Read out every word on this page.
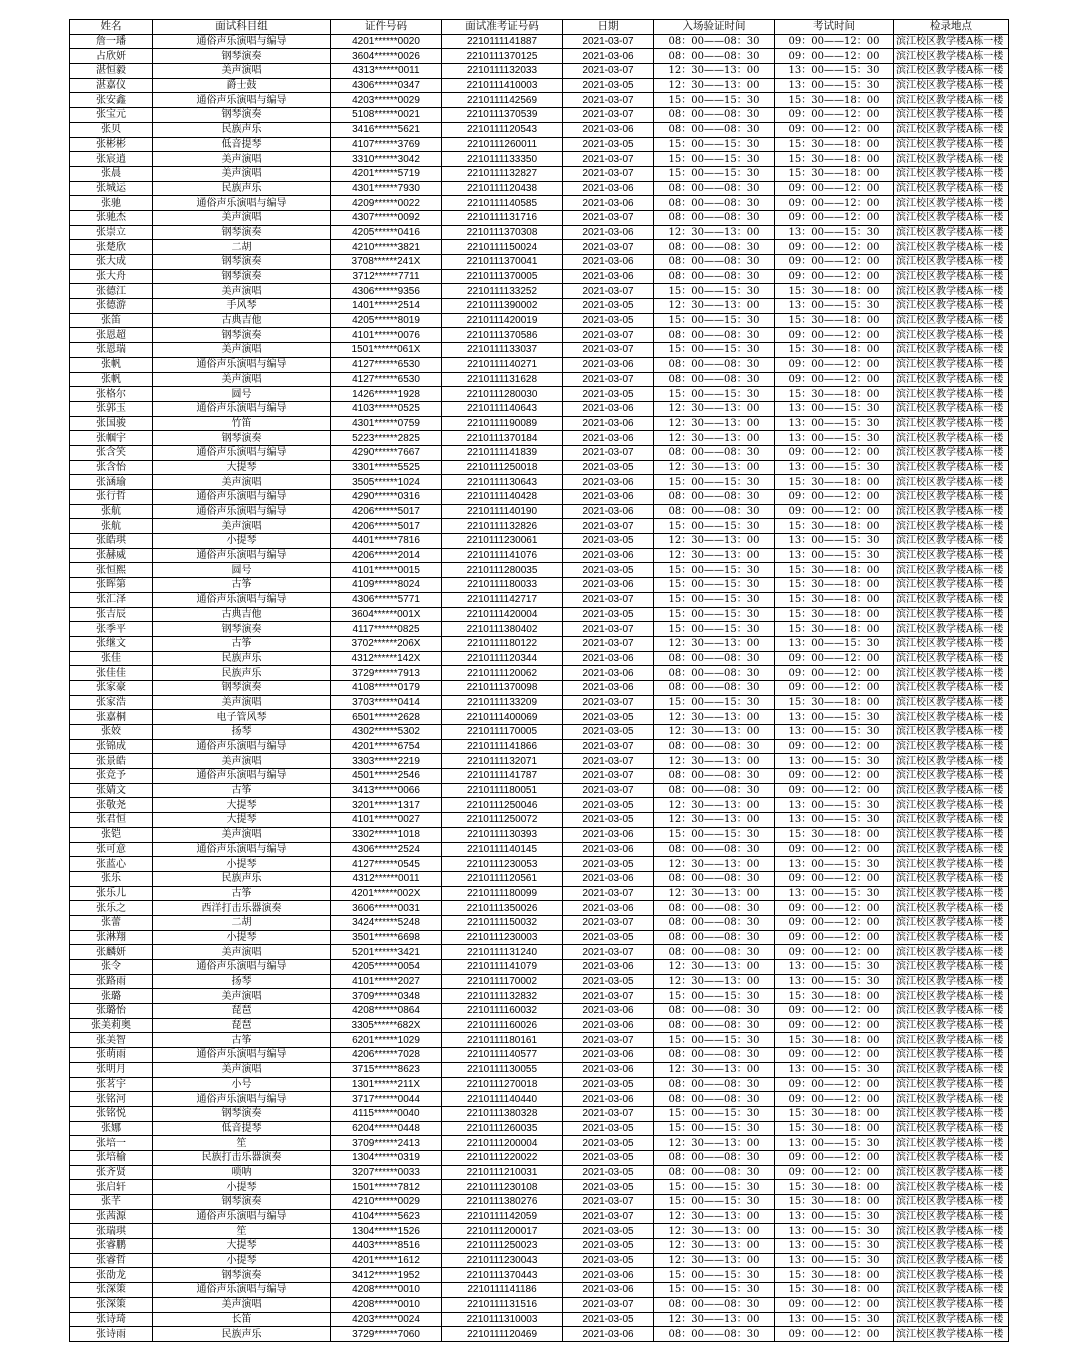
姓名	面试科目组	证件号码	面试准考证号码	日期	入场验证时间	考试时间	检录地点
詹一璠	通俗声乐演唱与编导	4201******0020	2210111141887	2021-03-07	08：00——08：30	09：00——12：00	滨江校区教学楼A栋一楼
占欣妍	钢琴演奏	3604******0026	2210111370125	2021-03-06	08：00——08：30	09：00——12：00	滨江校区教学楼A栋一楼
湛恒毅	美声演唱	4313******0011	2210111132033	2021-03-07	12：30——13：00	13：00——15：30	滨江校区教学楼A栋一楼
湛嘉仪	爵士鼓	4306******0347	2210111410003	2021-03-05	12：30——13：00	13：00——15：30	滨江校区教学楼A栋一楼
张安鑫	通俗声乐演唱与编导	4203******0029	2210111142569	2021-03-07	15：00——15：30	15：30——18：00	滨江校区教学楼A栋一楼
张宝元	钢琴演奏	5108******0021	2210111370539	2021-03-07	08：00——08：30	09：00——12：00	滨江校区教学楼A栋一楼
张贝	民族声乐	3416******5621	2210111120543	2021-03-06	08：00——08：30	09：00——12：00	滨江校区教学楼A栋一楼
张彬彬	低音提琴	4107******3769	2210111260011	2021-03-05	15：00——15：30	15：30——18：00	滨江校区教学楼A栋一楼
张宸逍	美声演唱	3310******3042	2210111133350	2021-03-07	15：00——15：30	15：30——18：00	滨江校区教学楼A栋一楼
张晨	美声演唱	4201******5719	2210111132827	2021-03-07	15：00——15：30	15：30——18：00	滨江校区教学楼A栋一楼
张城运	民族声乐	4301******7930	2210111120438	2021-03-06	08：00——08：30	09：00——12：00	滨江校区教学楼A栋一楼
张驰	通俗声乐演唱与编导	4209******0022	2210111140585	2021-03-06	08：00——08：30	09：00——12：00	滨江校区教学楼A栋一楼
张驰杰	美声演唱	4307******0092	2210111131716	2021-03-07	08：00——08：30	09：00——12：00	滨江校区教学楼A栋一楼
张崇立	钢琴演奏	4205******0416	2210111370308	2021-03-06	12：30——13：00	13：00——15：30	滨江校区教学楼A栋一楼
张楚欣	二胡	4210******3821	2210111150024	2021-03-07	08：00——08：30	09：00——12：00	滨江校区教学楼A栋一楼
张大成	钢琴演奏	3708******241X	2210111370041	2021-03-06	08：00——08：30	09：00——12：00	滨江校区教学楼A栋一楼
张大舟	钢琴演奏	3712******7711	2210111370005	2021-03-06	08：00——08：30	09：00——12：00	滨江校区教学楼A栋一楼
张德江	美声演唱	4306******9356	2210111133252	2021-03-07	15：00——15：30	15：30——18：00	滨江校区教学楼A栋一楼
张德游	手风琴	1401******2514	2210111390002	2021-03-05	12：30——13：00	13：00——15：30	滨江校区教学楼A栋一楼
张笛	古典吉他	4205******8019	2210111420019	2021-03-05	15：00——15：30	15：30——18：00	滨江校区教学楼A栋一楼
张恩超	钢琴演奏	4101******0076	2210111370586	2021-03-07	08：00——08：30	09：00——12：00	滨江校区教学楼A栋一楼
张恩瑞	美声演唱	1501******061X	2210111133037	2021-03-07	15：00——15：30	15：30——18：00	滨江校区教学楼A栋一楼
张帆	通俗声乐演唱与编导	4127******6530	2210111140271	2021-03-06	08：00——08：30	09：00——12：00	滨江校区教学楼A栋一楼
张帆	美声演唱	4127******6530	2210111131628	2021-03-07	08：00——08：30	09：00——12：00	滨江校区教学楼A栋一楼
张格尔	圆号	1426******1928	2210111280030	2021-03-05	15：00——15：30	15：30——18：00	滨江校区教学楼A栋一楼
张郭玉	通俗声乐演唱与编导	4103******0525	2210111140643	2021-03-06	12：30——13：00	13：00——15：30	滨江校区教学楼A栋一楼
张国骏	竹笛	4301******0759	2210111190089	2021-03-06	12：30——13：00	13：00——15：30	滨江校区教学楼A栋一楼
张帼宇	钢琴演奏	5223******2825	2210111370184	2021-03-06	12：30——13：00	13：00——15：30	滨江校区教学楼A栋一楼
张含笑	通俗声乐演唱与编导	4290******7667	2210111141839	2021-03-07	08：00——08：30	09：00——12：00	滨江校区教学楼A栋一楼
张含怡	大提琴	3301******5525	2210111250018	2021-03-05	12：30——13：00	13：00——15：30	滨江校区教学楼A栋一楼
张涵瑜	美声演唱	3505******1024	2210111130643	2021-03-06	15：00——15：30	15：30——18：00	滨江校区教学楼A栋一楼
张行哲	通俗声乐演唱与编导	4290******0316	2210111140428	2021-03-06	08：00——08：30	09：00——12：00	滨江校区教学楼A栋一楼
张航	通俗声乐演唱与编导	4206******5017	2210111140190	2021-03-06	08：00——08：30	09：00——12：00	滨江校区教学楼A栋一楼
张航	美声演唱	4206******5017	2210111132826	2021-03-07	15：00——15：30	15：30——18：00	滨江校区教学楼A栋一楼
张皓琪	小提琴	4401******7816	2210111230061	2021-03-05	12：30——13：00	13：00——15：30	滨江校区教学楼A栋一楼
张赫威	通俗声乐演唱与编导	4206******2014	2210111141076	2021-03-06	12：30——13：00	13：00——15：30	滨江校区教学楼A栋一楼
张恒熙	圆号	4101******0015	2210111280035	2021-03-05	15：00——15：30	15：30——18：00	滨江校区教学楼A栋一楼
张晖第	古筝	4109******8024	2210111180033	2021-03-06	15：00——15：30	15：30——18：00	滨江校区教学楼A栋一楼
张汇泽	通俗声乐演唱与编导	4306******5771	2210111142717	2021-03-07	15：00——15：30	15：30——18：00	滨江校区教学楼A栋一楼
张吉辰	古典吉他	3604******001X	2210111420004	2021-03-05	15：00——15：30	15：30——18：00	滨江校区教学楼A栋一楼
张季平	钢琴演奏	4117******0825	2210111380402	2021-03-07	15：00——15：30	15：30——18：00	滨江校区教学楼A栋一楼
张继文	古筝	3702******206X	2210111180122	2021-03-07	12：30——13：00	13：00——15：30	滨江校区教学楼A栋一楼
张佳	民族声乐	4312******142X	2210111120344	2021-03-06	08：00——08：30	09：00——12：00	滨江校区教学楼A栋一楼
张佳佳	民族声乐	3729******7913	2210111120062	2021-03-06	08：00——08：30	09：00——12：00	滨江校区教学楼A栋一楼
张家豪	钢琴演奏	4108******0179	2210111370098	2021-03-06	08：00——08：30	09：00——12：00	滨江校区教学楼A栋一楼
张家浩	美声演唱	3703******0414	2210111133209	2021-03-07	15：00——15：30	15：30——18：00	滨江校区教学楼A栋一楼
张嘉桐	电子管风琴	6501******2628	2210111400069	2021-03-05	12：30——13：00	13：00——15：30	滨江校区教学楼A栋一楼
张姣	扬琴	4302******5302	2210111170005	2021-03-05	12：30——13：00	13：00——15：30	滨江校区教学楼A栋一楼
张锦成	通俗声乐演唱与编导	4201******6754	2210111141866	2021-03-07	08：00——08：30	09：00——12：00	滨江校区教学楼A栋一楼
张景皓	美声演唱	3303******2219	2210111132071	2021-03-07	12：30——13：00	13：00——15：30	滨江校区教学楼A栋一楼
张竞予	通俗声乐演唱与编导	4501******2546	2210111141787	2021-03-07	08：00——08：30	09：00——12：00	滨江校区教学楼A栋一楼
张婧文	古筝	3413******0066	2210111180051	2021-03-07	08：00——08：30	09：00——12：00	滨江校区教学楼A栋一楼
张敬尧	大提琴	3201******1317	2210111250046	2021-03-05	12：30——13：00	13：00——15：30	滨江校区教学楼A栋一楼
张君恒	大提琴	4101******0027	2210111250072	2021-03-05	12：30——13：00	13：00——15：30	滨江校区教学楼A栋一楼
张铠	美声演唱	3302******1018	2210111130393	2021-03-06	15：00——15：30	15：30——18：00	滨江校区教学楼A栋一楼
张可意	通俗声乐演唱与编导	4306******2524	2210111140145	2021-03-06	08：00——08：30	09：00——12：00	滨江校区教学楼A栋一楼
张蓝心	小提琴	4127******0545	2210111230053	2021-03-05	12：30——13：00	13：00——15：30	滨江校区教学楼A栋一楼
张乐	民族声乐	4312******0011	2210111120561	2021-03-06	08：00——08：30	09：00——12：00	滨江校区教学楼A栋一楼
张乐儿	古筝	4201******002X	2210111180099	2021-03-07	12：30——13：00	13：00——15：30	滨江校区教学楼A栋一楼
张乐之	西洋打击乐器演奏	3606******0031	2210111350026	2021-03-06	08：00——08：30	09：00——12：00	滨江校区教学楼A栋一楼
张蕾	二胡	3424******5248	2210111150032	2021-03-07	08：00——08：30	09：00——12：00	滨江校区教学楼A栋一楼
张淋翔	小提琴	3501******6698	2210111230003	2021-03-05	08：00——08：30	09：00——12：00	滨江校区教学楼A栋一楼
张麟妍	美声演唱	5201******3421	2210111131240	2021-03-07	08：00——08：30	09：00——12：00	滨江校区教学楼A栋一楼
张令	通俗声乐演唱与编导	4205******0054	2210111141079	2021-03-06	12：30——13：00	13：00——15：30	滨江校区教学楼A栋一楼
张路雨	扬琴	4101******2027	2210111170002	2021-03-05	12：30——13：00	13：00——15：30	滨江校区教学楼A栋一楼
张璐	美声演唱	3709******0348	2210111132832	2021-03-07	15：00——15：30	15：30——18：00	滨江校区教学楼A栋一楼
张璐怡	琵琶	4208******0864	2210111160032	2021-03-06	08：00——08：30	09：00——12：00	滨江校区教学楼A栋一楼
张美莉奥	琵琶	3305******682X	2210111160026	2021-03-06	08：00——08：30	09：00——12：00	滨江校区教学楼A栋一楼
张美智	古筝	6201******1029	2210111180161	2021-03-07	15：00——15：30	15：30——18：00	滨江校区教学楼A栋一楼
张萌雨	通俗声乐演唱与编导	4206******7028	2210111140577	2021-03-06	08：00——08：30	09：00——12：00	滨江校区教学楼A栋一楼
张明月	美声演唱	3715******8623	2210111130055	2021-03-06	12：30——13：00	13：00——15：30	滨江校区教学楼A栋一楼
张茗宇	小号	1301******211X	2210111270018	2021-03-05	08：00——08：30	09：00——12：00	滨江校区教学楼A栋一楼
张铭河	通俗声乐演唱与编导	3717******0044	2210111140440	2021-03-06	08：00——08：30	09：00——12：00	滨江校区教学楼A栋一楼
张铭悦	钢琴演奏	4115******0040	2210111380328	2021-03-07	15：00——15：30	15：30——18：00	滨江校区教学楼A栋一楼
张娜	低音提琴	6204******0448	2210111260035	2021-03-05	15：00——15：30	15：30——18：00	滨江校区教学楼A栋一楼
张培一	笙	3709******2413	2210111200004	2021-03-05	12：30——13：00	13：00——15：30	滨江校区教学楼A栋一楼
张培榆	民族打击乐器演奏	1304******0319	2210111220022	2021-03-05	08：00——08：30	09：00——12：00	滨江校区教学楼A栋一楼
张齐贤	唢呐	3207******0033	2210111210031	2021-03-05	08：00——08：30	09：00——12：00	滨江校区教学楼A栋一楼
张启轩	小提琴	1501******7812	2210111230108	2021-03-05	15：00——15：30	15：30——18：00	滨江校区教学楼A栋一楼
张芊	钢琴演奏	4210******0029	2210111380276	2021-03-07	15：00——15：30	15：30——18：00	滨江校区教学楼A栋一楼
张茜源	通俗声乐演唱与编导	4104******5623	2210111142059	2021-03-07	12：30——13：00	13：00——15：30	滨江校区教学楼A栋一楼
张瑞琪	笙	1304******1526	2210111200017	2021-03-05	12：30——13：00	13：00——15：30	滨江校区教学楼A栋一楼
张睿鹏	大提琴	4403******8516	2210111250023	2021-03-05	12：30——13：00	13：00——15：30	滨江校区教学楼A栋一楼
张睿哲	小提琴	4201******1612	2210111230043	2021-03-05	12：30——13：00	13：00——15：30	滨江校区教学楼A栋一楼
张劭龙	钢琴演奏	3412******1952	2210111370443	2021-03-06	15：00——15：30	15：30——18：00	滨江校区教学楼A栋一楼
张深策	通俗声乐演唱与编导	4208******0010	2210111141186	2021-03-06	15：00——15：30	15：30——18：00	滨江校区教学楼A栋一楼
张深策	美声演唱	4208******0010	2210111131516	2021-03-07	08：00——08：30	09：00——12：00	滨江校区教学楼A栋一楼
张诗琦	长笛	4203******0024	2210111310003	2021-03-05	12：30——13：00	13：00——15：30	滨江校区教学楼A栋一楼
张诗雨	民族声乐	3729******7060	2210111120469	2021-03-06	08：00——08：30	09：00——12：00	滨江校区教学楼A栋一楼
